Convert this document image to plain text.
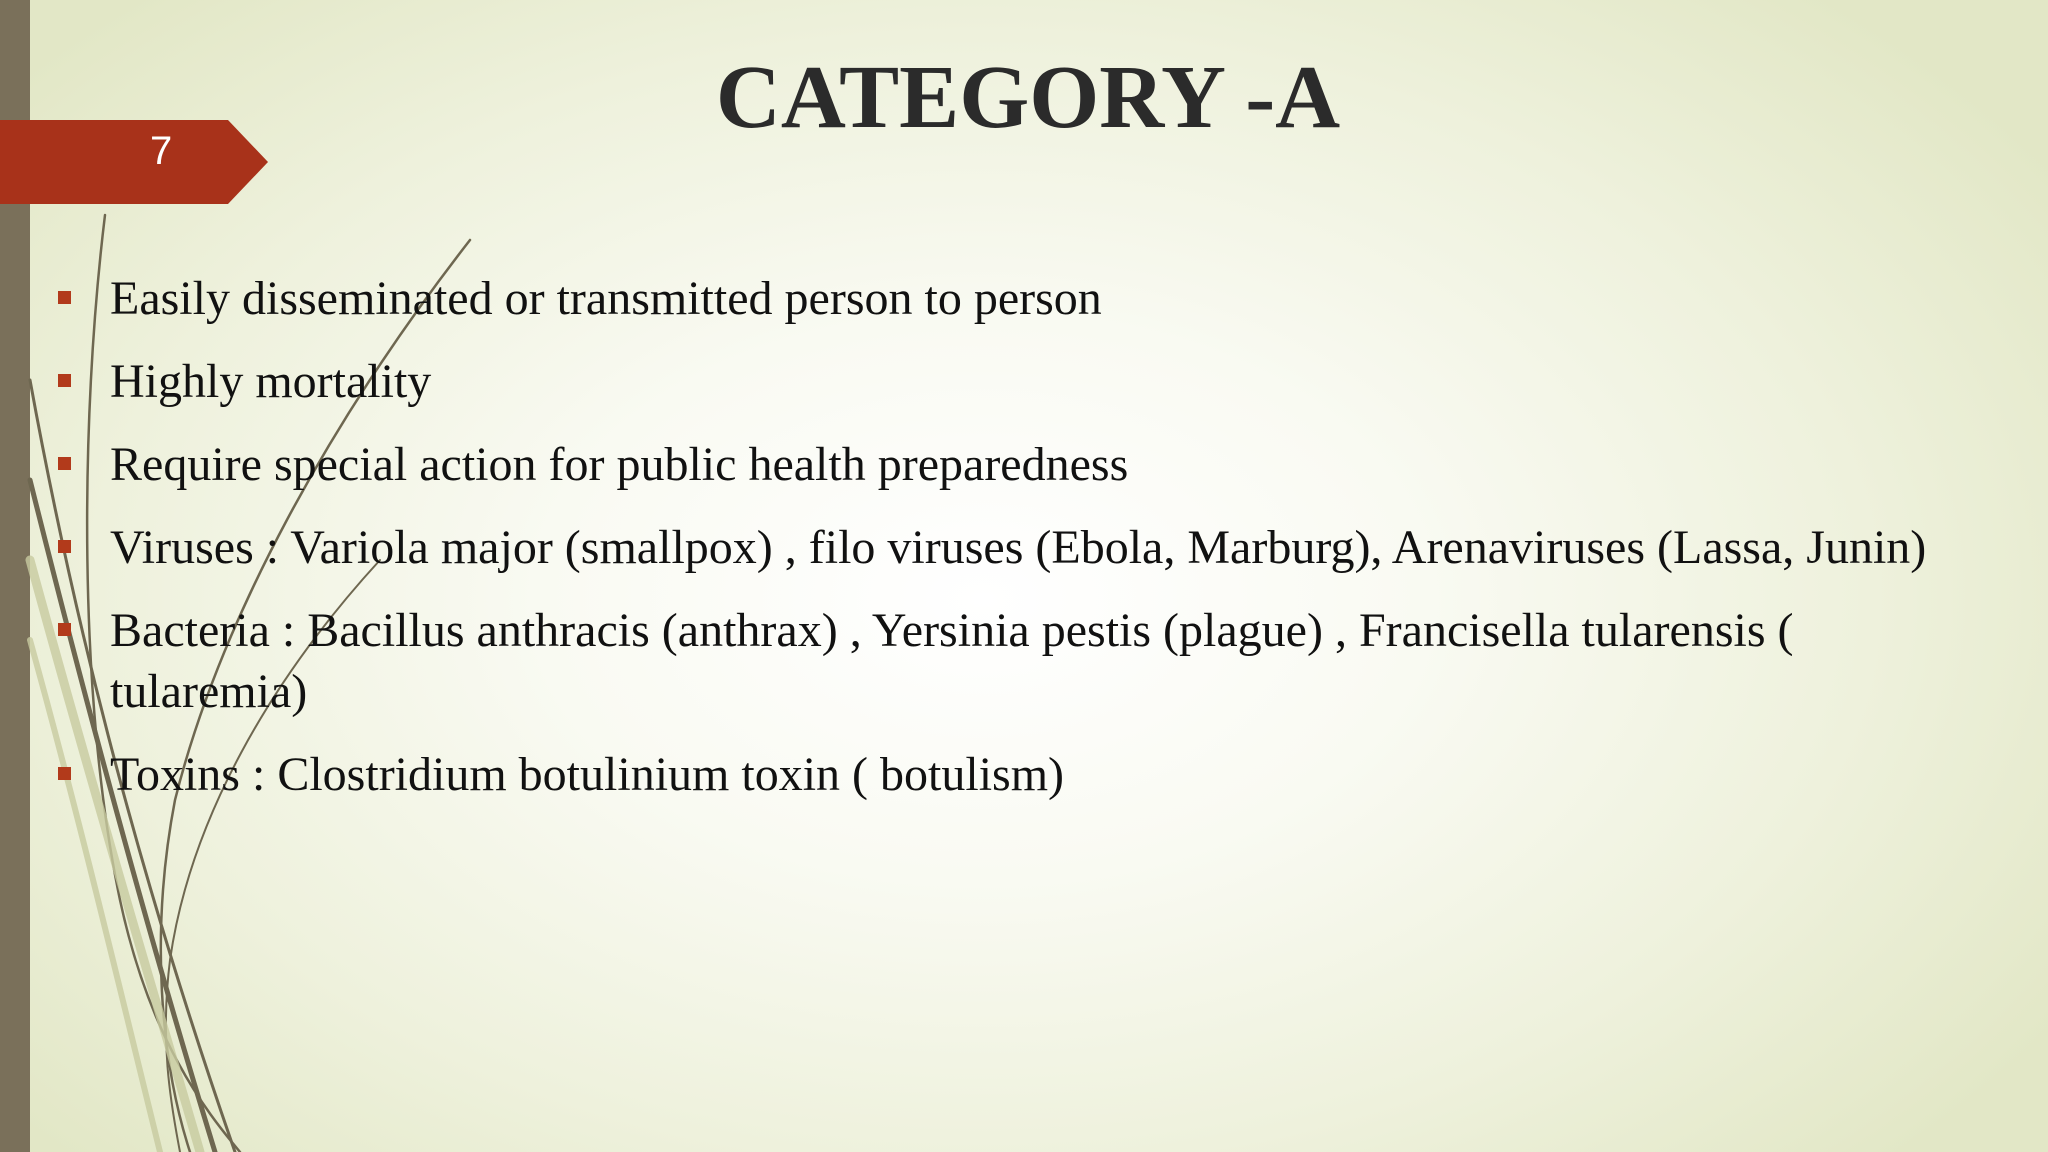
7
CATEGORY -A
Easily disseminated or transmitted person to person
Highly mortality
Require special action for public health preparedness
Viruses : Variola major (smallpox) , filo viruses (Ebola, Marburg), Arenaviruses (Lassa, Junin)
Bacteria : Bacillus anthracis (anthrax) , Yersinia pestis (plague) , Francisella tularensis ( tularemia)
Toxins : Clostridium botulinium toxin ( botulism)
